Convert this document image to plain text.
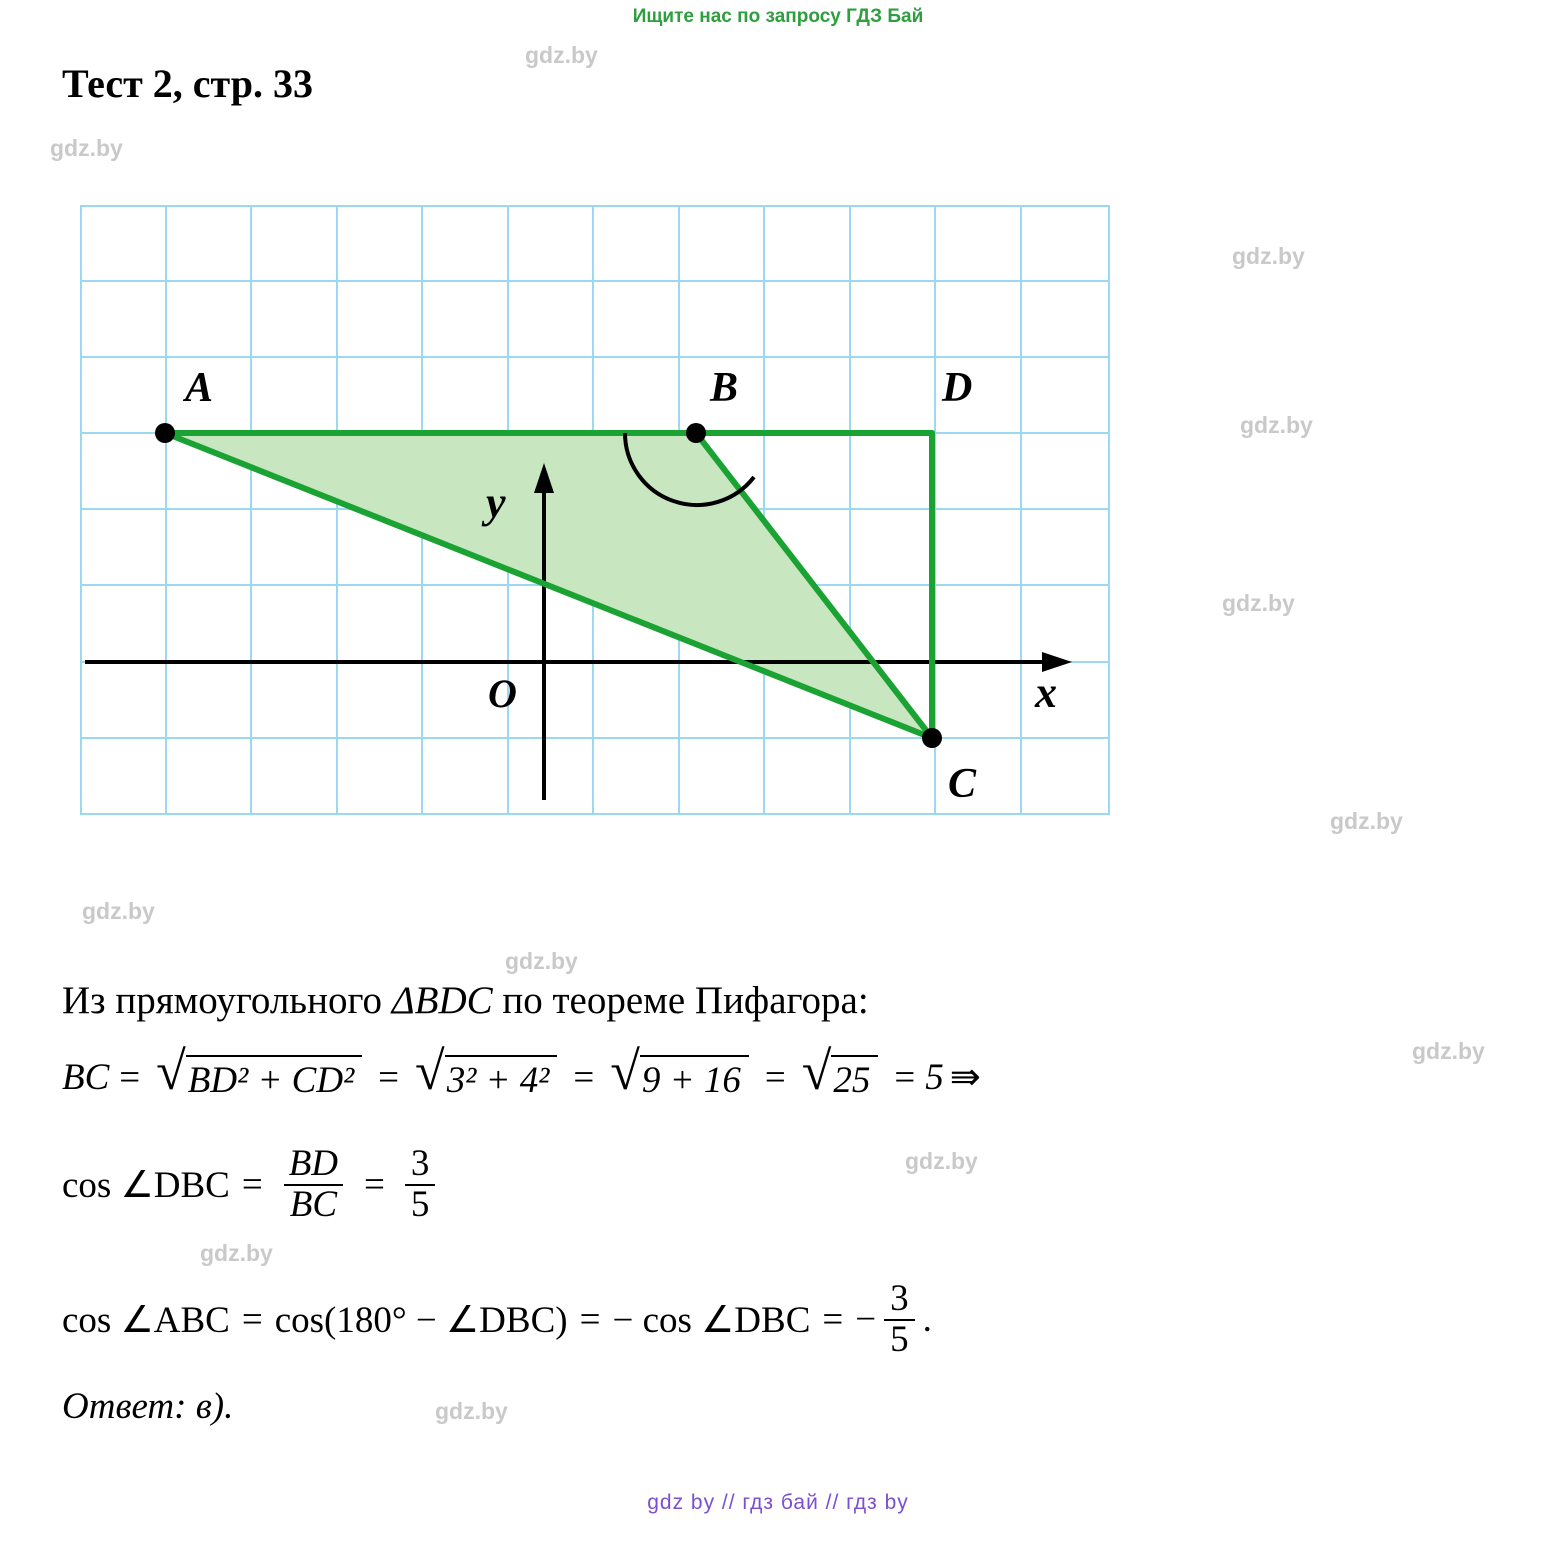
Ищите нас по запросу ГДЗ Бай
Тест 2, стр. 33
gdz.by
gdz.by
gdz.by
gdz.by
gdz.by
gdz.by
gdz.by
gdz.by
gdz.by
gdz.by
gdz.by
gdz.by
A	B	D
C
y
x
O
Из прямоугольного ΔBDC по теореме Пифагора:
BC = √ BD² + CD² = √ 3² + 4² = √ 9 + 16 = √ 25 = 5 ⇛
cos ∠DBC = $\frac{BD}{BC} = \frac{3}{5}$
cos ∠ABC = cos(180° − ∠DBC) = − cos ∠DBC = − $\frac{3}{5}$ .
Ответ: в).
gdz by // гдз бай // гдз by
